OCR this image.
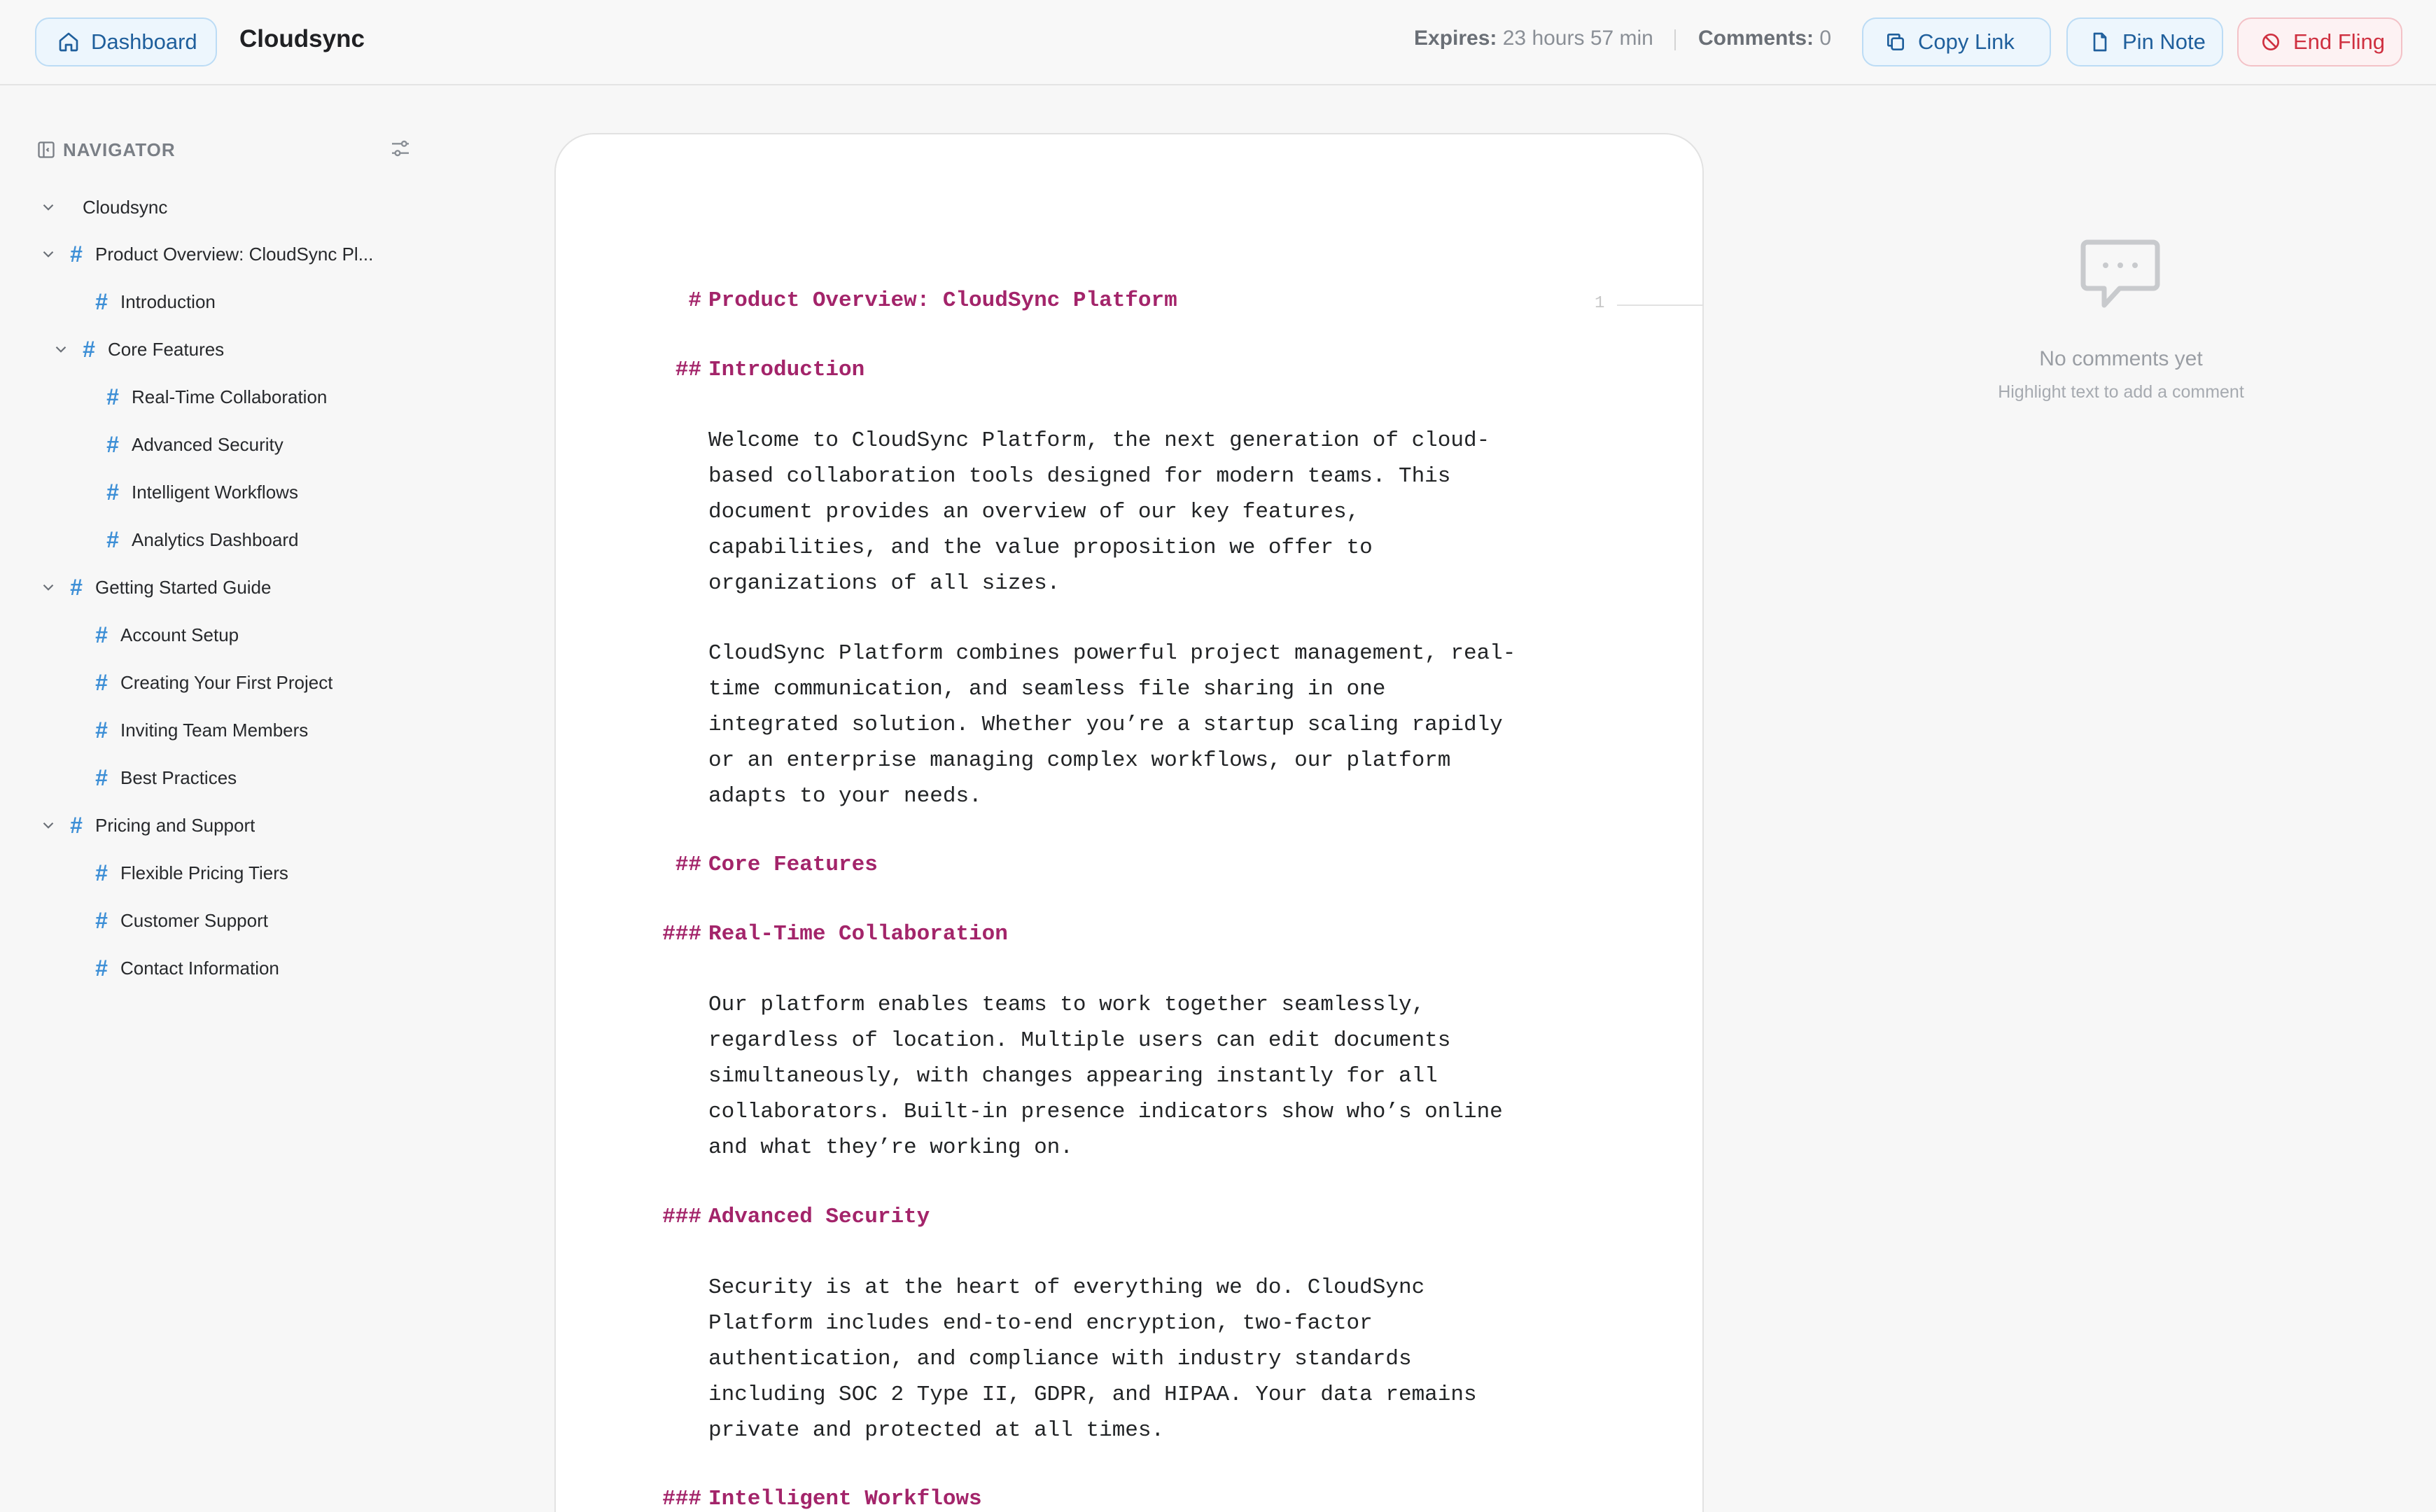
Dashboard Cloudsync	Expires: 23 hours 57 min Comments: 0	Copy Link	Pin Note	End Fling
NAVIGATOR
Cloudsync
# Product Overview: CloudSync Pl...
# Introduction
# Core Features
# Real-Time Collaboration
# Advanced Security
# Intelligent Workflows
# Analytics Dashboard
# Getting Started Guide
# Account Setup
# Creating Your First Project
# Inviting Team Members
# Best Practices
# Pricing and Support
# Flexible Pricing Tiers
# Customer Support
# Contact Information
1
# Product Overview: CloudSync Platform
## Introduction
Welcome to CloudSync Platform, the next generation of cloud-
based collaboration tools designed for modern teams. This
document provides an overview of our key features,
capabilities, and the value proposition we offer to
organizations of all sizes.
CloudSync Platform combines powerful project management, real-
time communication, and seamless file sharing in one
integrated solution. Whether you’re a startup scaling rapidly
or an enterprise managing complex workflows, our platform
adapts to your needs.
## Core Features
### Real-Time Collaboration
Our platform enables teams to work together seamlessly,
regardless of location. Multiple users can edit documents
simultaneously, with changes appearing instantly for all
collaborators. Built-in presence indicators show who’s online
and what they’re working on.
### Advanced Security
Security is at the heart of everything we do. CloudSync
Platform includes end-to-end encryption, two-factor
authentication, and compliance with industry standards
including SOC 2 Type II, GDPR, and HIPAA. Your data remains
private and protected at all times.
### Intelligent Workflows
No comments yet
Highlight text to add a comment
